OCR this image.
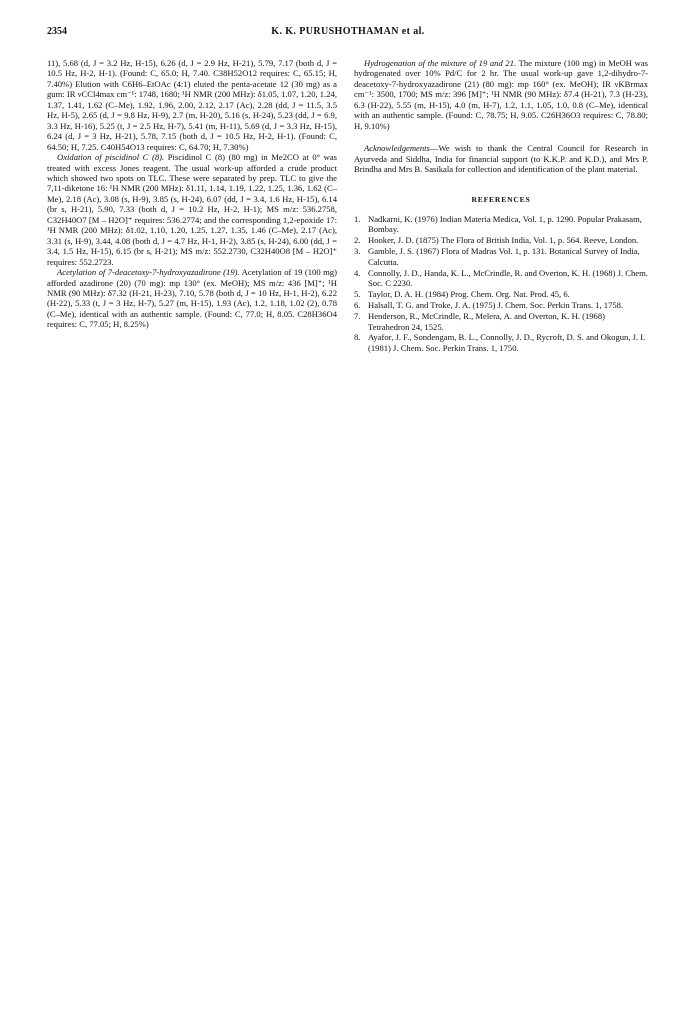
2354	K. K. PURUSHOTHAMAN et al.

11), 5.68 (d, J = 3.2 Hz, H-15), 6.26 (d, J = 2.9 Hz, H-21), 5.79, 7.17 (both d, J = 10.5 Hz, H-2, H-1). (Found: C, 65.0; H, 7.40. C38H52O12 requires: C, 65.15; H, 7.40%) Elution with C6H6–EtOAc (4:1) eluted the penta-acetate 12 (30 mg) as a gum: IR νCCl4max cm⁻¹: 1748, 1680; ¹H NMR (200 MHz): δ1.05, 1.07, 1.20, 1.24, 1.37, 1.41, 1.62 (C–Me), 1.92, 1.96, 2.00, 2.12, 2.17 (Ac), 2.28 (dd, J = 11.5, 3.5 Hz, H-5), 2.65 (d, J = 9.8 Hz, H-9), 2.7 (m, H-20), 5.16 (s, H-24), 5.23 (dd, J = 6.9, 3.3 Hz, H-16), 5.25 (t, J = 2.5 Hz, H-7), 5.41 (m, H-11), 5.69 (d, J = 3.3 Hz, H-15), 6.24 (d, J = 3 Hz, H-21), 5.78, 7.15 (both d, J = 10.5 Hz, H-2, H-1). (Found: C, 64.50; H, 7.25. C40H54O13 requires: C, 64.70; H, 7.30%)

Oxidation of piscidinol C (8). Piscidinol C (8) (80 mg) in Me2CO at 0° was treated with excess Jones reagent. The usual work-up afforded a crude product which showed two spots on TLC. These were separated by prep. TLC to give the 7,11-diketone 16: ¹H NMR (200 MHz): δ1.11, 1.14, 1.19, 1.22, 1.25, 1.36, 1.62 (C–Me), 2.18 (Ac), 3.08 (s, H-9), 3.85 (s, H-24), 6.07 (dd, J = 3.4, 1.6 Hz, H-15), 6.14 (br s, H-21), 5.90, 7.33 (both d, J = 10.2 Hz, H-2, H-1); MS m/z: 536.2758, C32H40O7 [M – H2O]⁺ requires: 536.2774; and the corresponding 1,2-epoxide 17: ¹H NMR (200 MHz): δ1.02, 1.10, 1.20, 1.25, 1.27, 1.35, 1.46 (C–Me), 2.17 (Ac), 3.31 (s, H-9), 3.44, 4.08 (both d, J = 4.7 Hz, H-1, H-2), 3.85 (s, H-24), 6.00 (dd, J = 3.4, 1.5 Hz, H-15), 6.15 (br s, H-21); MS m/z: 552.2730, C32H40O8 [M – H2O]⁺ requires: 552.2723.

Acetylation of 7-deacetoxy-7-hydroxyazadirone (19). Acetylation of 19 (100 mg) afforded azadirone (20) (70 mg): mp 130° (ex. MeOH); MS m/z: 436 [M]⁺; ¹H NMR (90 MHz): δ7.32 (H-21, H-23), 7.10, 5.78 (both d, J = 10 Hz, H-1, H-2), 6.22 (H-22), 5.33 (t, J = 3 Hz, H-7), 5.27 (m, H-15), 1.93 (Ac), 1.2, 1.18, 1.02 (2), 0.78 (C–Me), identical with an authentic sample. (Found: C, 77.0; H, 8.05. C28H36O4 requires: C, 77.05; H, 8.25%)

Hydrogenation of the mixture of 19 and 21. The mixture (100 mg) in MeOH was hydrogenated over 10% Pd/C for 2 hr. The usual work-up gave 1,2-dihydro-7-deacetoxy-7-hydroxyazadirone (21) (80 mg): mp 160° (ex. MeOH); IR νKBrmax cm⁻¹: 3500, 1700; MS m/z: 396 [M]⁺; ¹H NMR (90 MHz): δ7.4 (H-21), 7.3 (H-23), 6.3 (H-22), 5.55 (m, H-15), 4.0 (m, H-7), 1.2, 1.1, 1.05, 1.0, 0.8 (C–Me), identical with an authentic sample. (Found: C, 78.75; H, 9.05. C26H36O3 requires: C, 78.80; H, 9.10%)

Acknowledgements—We wish to thank the Central Council for Research in Ayurveda and Siddha, India for financial support (to K.K.P. and K.D.), and Mrs P. Brindha and Mrs B. Sasikala for collection and identification of the plant material.

REFERENCES
1. Nadkarni, K. (1976) Indian Materia Medica, Vol. 1, p. 1290. Popular Prakasam, Bombay.
2. Hooker, J. D. (1875) The Flora of British India, Vol. 1, p. 564. Reeve, London.
3. Gamble, J. S. (1967) Flora of Madras Vol. 1, p. 131. Botanical Survey of India, Calcutta.
4. Connolly, J. D., Handa, K. L., McCrindle, R. and Overton, K. H. (1968) J. Chem. Soc. C 2230.
5. Taylor, D. A. H. (1984) Prog. Chem. Org. Nat. Prod. 45, 6.
6. Halsall, T. G. and Troke, J. A. (1975) J. Chem. Soc. Perkin Trans. 1, 1758.
7. Henderson, R., McCrindle, R., Melera, A. and Overton, K. H. (1968) Tetrahedron 24, 1525.
8. Ayafor, J. F., Sondengam, B. L., Connolly, J. D., Rycroft, D. S. and Okogun, J. I. (1981) J. Chem. Soc. Perkin Trans. 1, 1750.
